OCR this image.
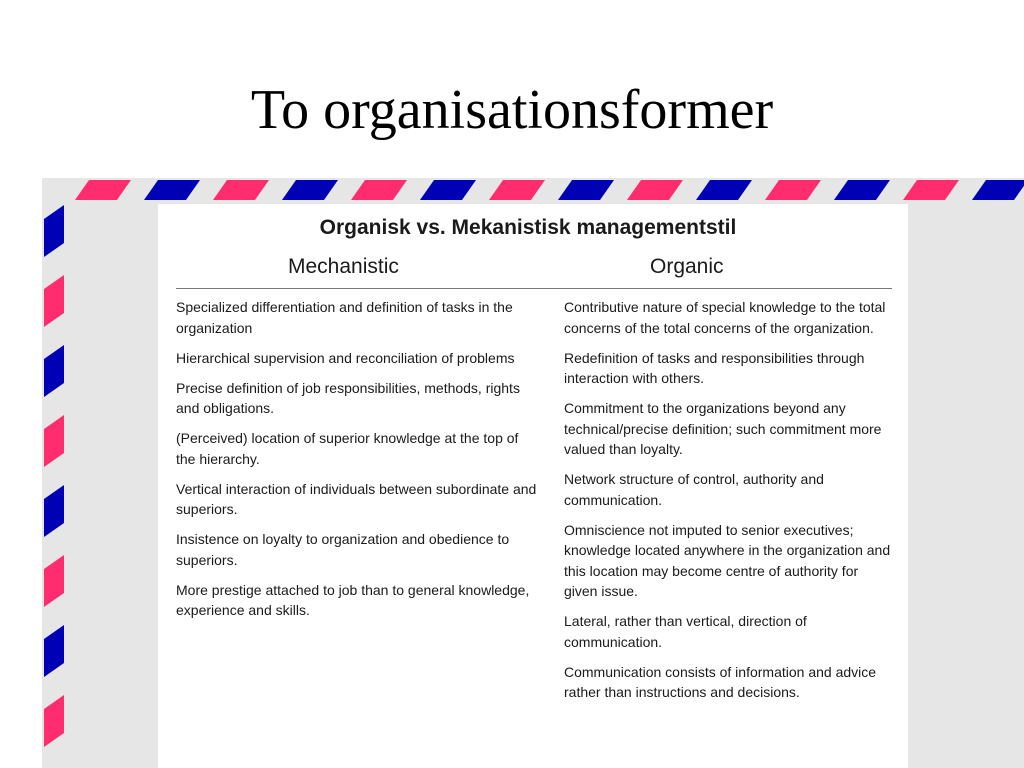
To organisationsformer
Organisk vs. Mekanistisk managementstil
Mechanistic	Organic

Specialized differentiation and definition of tasks in the organization

Hierarchical supervision and reconciliation of problems

Precise definition of job responsibilities, methods, rights and obligations.

(Perceived) location of superior knowledge at the top of the hierarchy.

Vertical interaction of individuals between subordinate and superiors.

Insistence on loyalty to organization and obedience to superiors.

More prestige attached to job than to general knowledge, experience and skills.

Contributive nature of special knowledge to the total concerns of the total concerns of the organization.

Redefinition of tasks and responsibilities through interaction with others.

Commitment to the organizations beyond any technical/precise definition; such commitment more valued than loyalty.

Network structure of control, authority and communication.

Omniscience not imputed to senior executives; knowledge located anywhere in the organization and this location may become centre of authority for given issue.

Lateral, rather than vertical, direction of communication.

Communication consists of information and advice rather than instructions and decisions.
